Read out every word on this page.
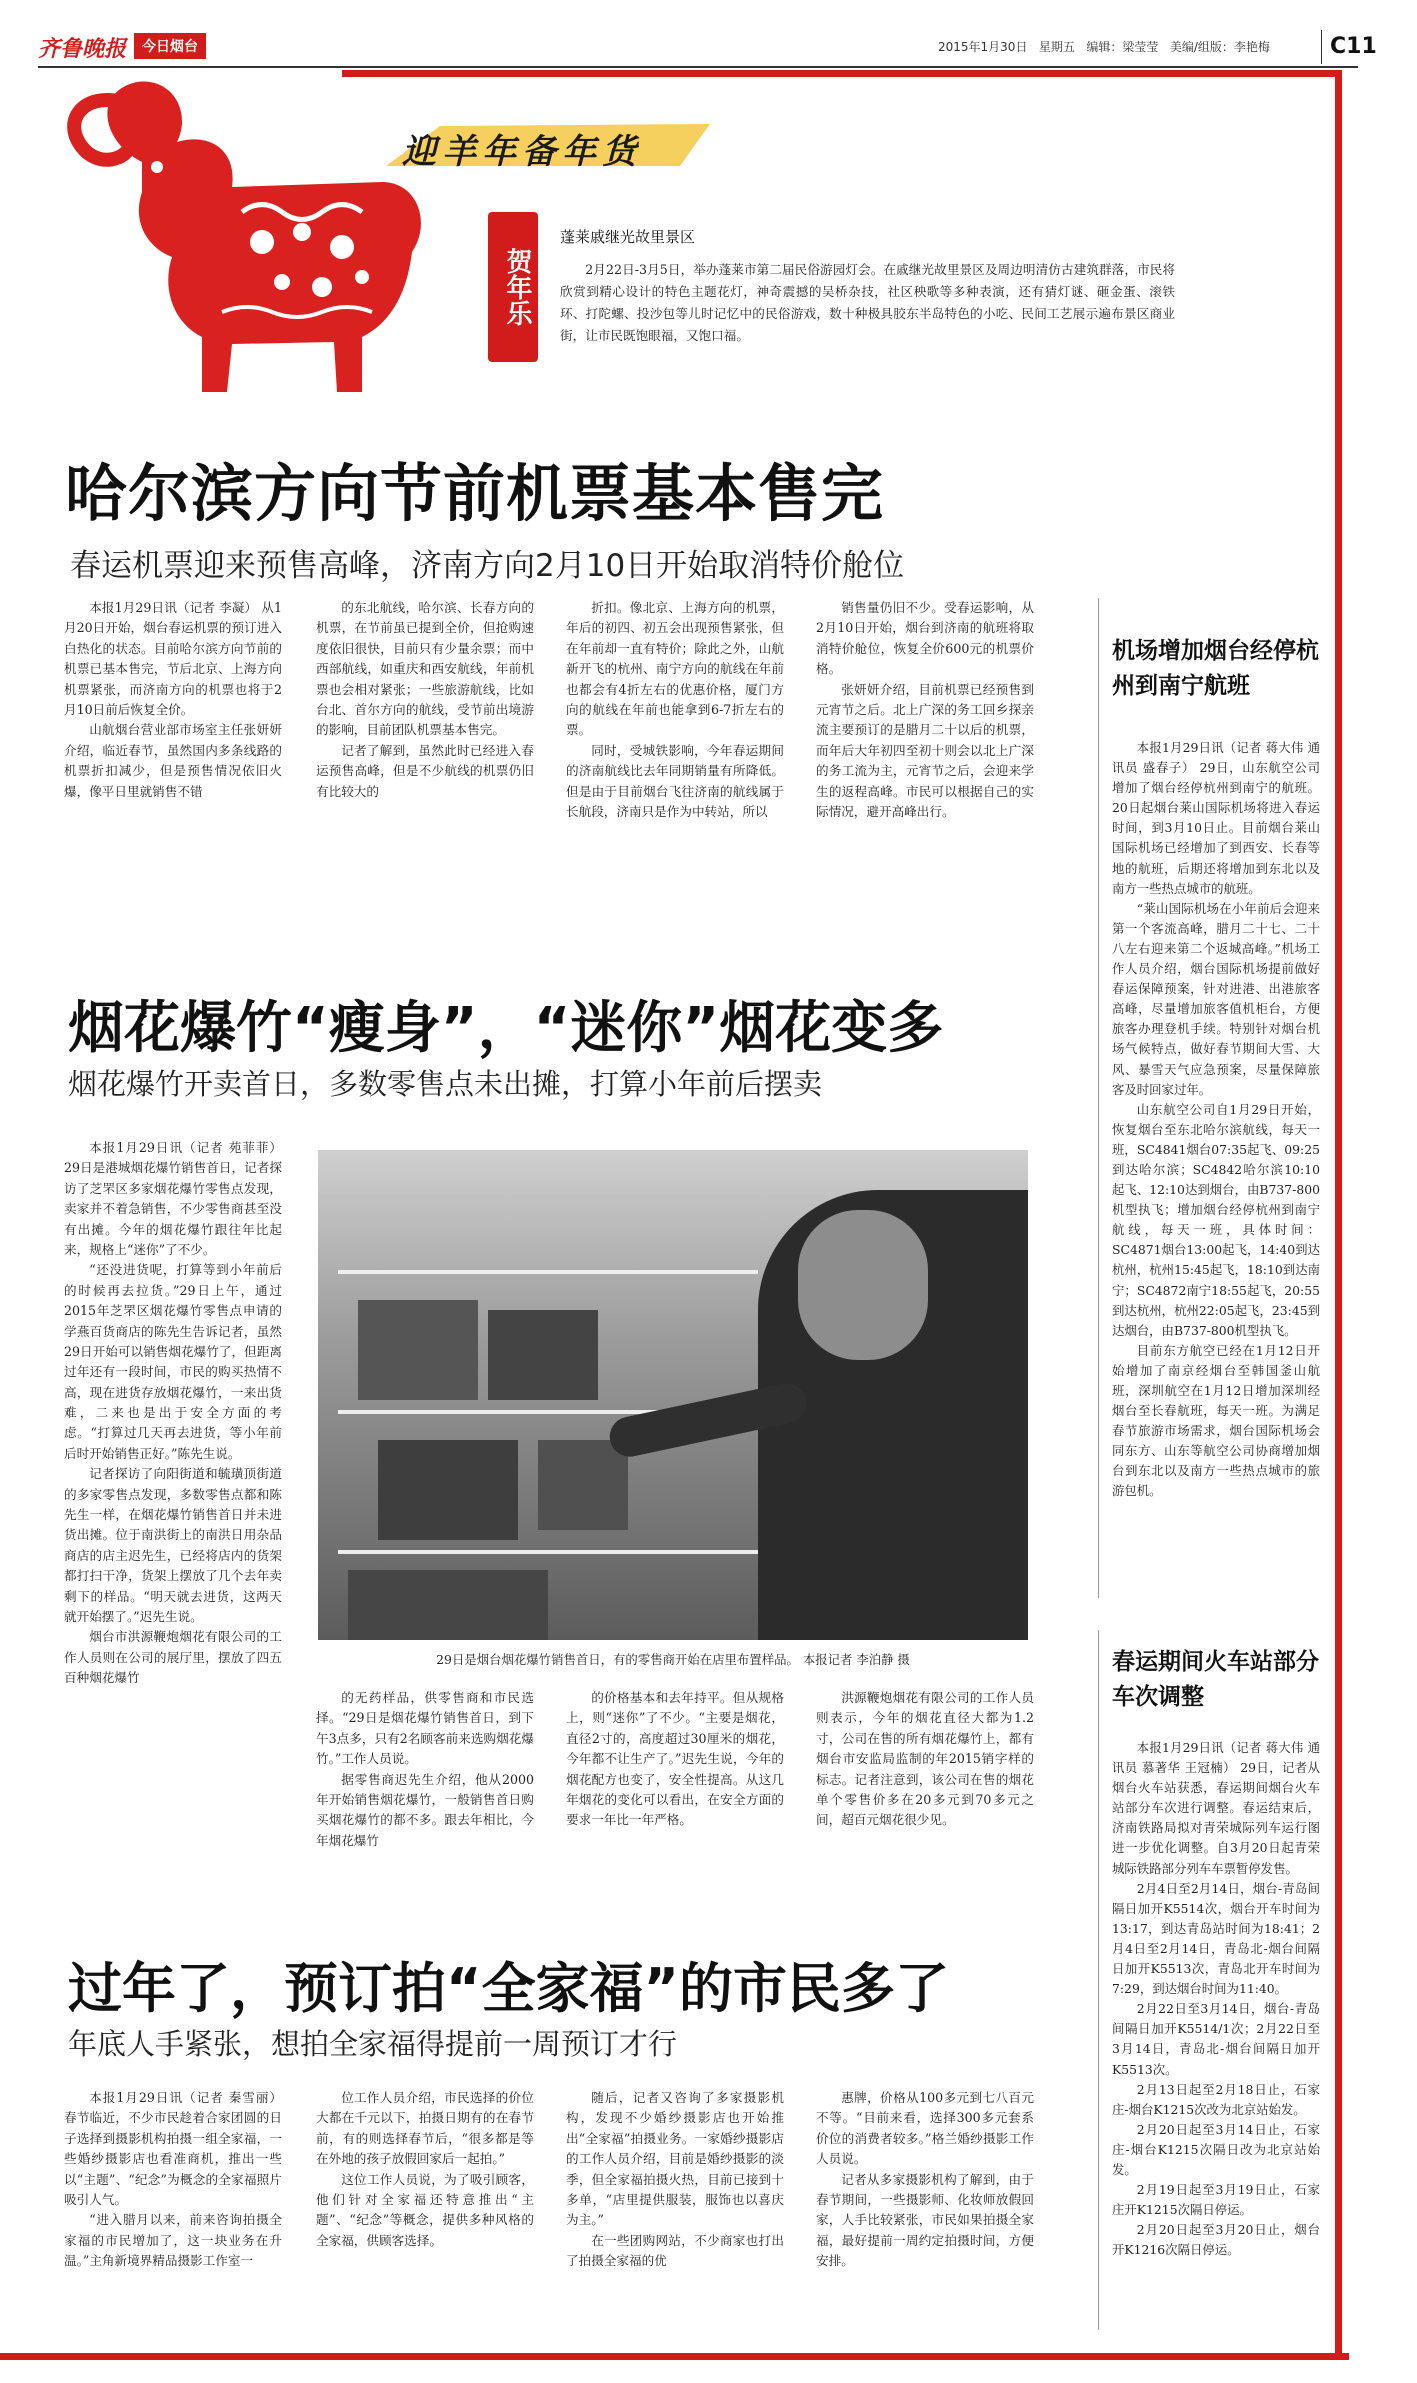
齐鲁晚报	今日烟台	2015年1月30日 星期五 编辑：梁莹莹 美编/组版：李艳梅	C11
迎羊年备年货
贺年乐
蓬莱戚继光故里景区

2月22日-3月5日，举办蓬莱市第二届民俗游园灯会。在戚继光故里景区及周边明清仿古建筑群落，市民将欣赏到精心设计的特色主题花灯，神奇震撼的吴桥杂技，社区秧歌等多种表演，还有猜灯谜、砸金蛋、滚铁环、打陀螺、投沙包等儿时记忆中的民俗游戏，数十种极具胶东半岛特色的小吃、民间工艺展示遍布景区商业街，让市民既饱眼福，又饱口福。

哈尔滨方向节前机票基本售完
春运机票迎来预售高峰，济南方向2月10日开始取消特价舱位

本报1月29日讯（记者 李凝） 从1月20日开始，烟台春运机票的预订进入白热化的状态。目前哈尔滨方向节前的机票已基本售完，节后北京、上海方向机票紧张，而济南方向的机票也将于2月10日前后恢复全价。

山航烟台营业部市场室主任张妍妍介绍，临近春节，虽然国内多条线路的机票折扣减少，但是预售情况依旧火爆，像平日里就销售不错

的东北航线，哈尔滨、长春方向的机票，在节前虽已提到全价，但抢购速度依旧很快，目前只有少量余票；而中西部航线，如重庆和西安航线，年前机票也会相对紧张；一些旅游航线，比如台北、首尔方向的航线，受节前出境游的影响，目前团队机票基本售完。

记者了解到，虽然此时已经进入春运预售高峰，但是不少航线的机票仍旧有比较大的

折扣。像北京、上海方向的机票，年后的初四、初五会出现预售紧张，但在年前却一直有特价；除此之外，山航新开飞的杭州、南宁方向的航线在年前也都会有4折左右的优惠价格，厦门方向的航线在年前也能拿到6-7折左右的票。

同时，受城铁影响，今年春运期间的济南航线比去年同期销量有所降低。但是由于目前烟台飞往济南的航线属于长航段，济南只是作为中转站，所以

销售量仍旧不少。受春运影响，从2月10日开始，烟台到济南的航班将取消特价舱位，恢复全价600元的机票价格。

张妍妍介绍，目前机票已经预售到元宵节之后。北上广深的务工回乡探亲流主要预订的是腊月二十以后的机票，而年后大年初四至初十则会以北上广深的务工流为主，元宵节之后，会迎来学生的返程高峰。市民可以根据自己的实际情况，避开高峰出行。

机场增加烟台经停杭州到南宁航班

本报1月29日讯（记者 蒋大伟 通讯员 盛春子） 29日，山东航空公司增加了烟台经停杭州到南宁的航班。20日起烟台莱山国际机场将进入春运时间，到3月10日止。目前烟台莱山国际机场已经增加了到西安、长春等地的航班，后期还将增加到东北以及南方一些热点城市的航班。

“莱山国际机场在小年前后会迎来第一个客流高峰，腊月二十七、二十八左右迎来第二个返城高峰。”机场工作人员介绍，烟台国际机场提前做好春运保障预案，针对进港、出港旅客高峰，尽量增加旅客值机柜台，方便旅客办理登机手续。特别针对烟台机场气候特点，做好春节期间大雪、大风、暴雪天气应急预案，尽量保障旅客及时回家过年。

山东航空公司自1月29日开始，恢复烟台至东北哈尔滨航线，每天一班，SC4841烟台07:35起飞、09:25到达哈尔滨；SC4842哈尔滨10:10起飞、12:10达到烟台，由B737-800机型执飞；增加烟台经停杭州到南宁航线，每天一班，具体时间：SC4871烟台13:00起飞，14:40到达杭州，杭州15:45起飞，18:10到达南宁；SC4872南宁18:55起飞，20:55到达杭州，杭州22:05起飞，23:45到达烟台，由B737-800机型执飞。

目前东方航空已经在1月12日开始增加了南京经烟台至韩国釜山航班，深圳航空在1月12日增加深圳经烟台至长春航班，每天一班。为满足春节旅游市场需求，烟台国际机场会同东方、山东等航空公司协商增加烟台到东北以及南方一些热点城市的旅游包机。

烟花爆竹“瘦身”，“迷你”烟花变多
烟花爆竹开卖首日，多数零售点未出摊，打算小年前后摆卖

本报1月29日讯（记者 苑菲菲） 29日是港城烟花爆竹销售首日，记者探访了芝罘区多家烟花爆竹零售点发现，卖家并不着急销售，不少零售商甚至没有出摊。今年的烟花爆竹跟往年比起来，规格上“迷你”了不少。

“还没进货呢，打算等到小年前后的时候再去拉货。”29日上午，通过2015年芝罘区烟花爆竹零售点申请的学燕百货商店的陈先生告诉记者，虽然29日开始可以销售烟花爆竹了，但距离过年还有一段时间，市民的购买热情不高，现在进货存放烟花爆竹，一来出货难，二来也是出于安全方面的考虑。“打算过几天再去进货，等小年前后时开始销售正好。”陈先生说。

记者探访了向阳街道和毓璜顶街道的多家零售点发现，多数零售点都和陈先生一样，在烟花爆竹销售首日并未进货出摊。位于南洪街上的南洪日用杂品商店的店主迟先生，已经将店内的货架都打扫干净，货架上摆放了几个去年卖剩下的样品。“明天就去进货，这两天就开始摆了。”迟先生说。

烟台市洪源鞭炮烟花有限公司的工作人员则在公司的展厅里，摆放了四五百种烟花爆竹

29日是烟台烟花爆竹销售首日，有的零售商开始在店里布置样品。 本报记者 李泊静 摄

的无药样品，供零售商和市民选择。“29日是烟花爆竹销售首日，到下午3点多，只有2名顾客前来选购烟花爆竹。”工作人员说。

据零售商迟先生介绍，他从2000年开始销售烟花爆竹，一般销售首日购买烟花爆竹的都不多。跟去年相比，今年烟花爆竹

的价格基本和去年持平。但从规格上，则“迷你”了不少。“主要是烟花，直径2寸的，高度超过30厘米的烟花，今年都不让生产了。”迟先生说，今年的烟花配方也变了，安全性提高。从这几年烟花的变化可以看出，在安全方面的要求一年比一年严格。

洪源鞭炮烟花有限公司的工作人员则表示，今年的烟花直径大都为1.2寸，公司在售的所有烟花爆竹上，都有烟台市安监局监制的年2015销字样的标志。记者注意到，该公司在售的烟花单个零售价多在20多元到70多元之间，超百元烟花很少见。

春运期间火车站部分车次调整

本报1月29日讯（记者 蒋大伟 通讯员 慕著华 王冠楠） 29日，记者从烟台火车站获悉，春运期间烟台火车站部分车次进行调整。春运结束后，济南铁路局拟对青荣城际列车运行图进一步优化调整。自3月20日起青荣城际铁路部分列车车票暂停发售。

2月4日至2月14日，烟台-青岛间隔日加开K5514次，烟台开车时间为13:17，到达青岛站时间为18:41；2月4日至2月14日，青岛北-烟台间隔日加开K5513次，青岛北开车时间为7:29，到达烟台时间为11:40。

2月22日至3月14日，烟台-青岛间隔日加开K5514/1次；2月22日至3月14日，青岛北-烟台间隔日加开K5513次。

2月13日起至2月18日止，石家庄-烟台K1215次改为北京站始发。

2月20日起至3月14日止，石家庄-烟台K1215次隔日改为北京站始发。

2月19日起至3月19日止，石家庄开K1215次隔日停运。

2月20日起至3月20日止，烟台开K1216次隔日停运。

过年了，预订拍“全家福”的市民多了
年底人手紧张，想拍全家福得提前一周预订才行

本报1月29日讯（记者 秦雪丽） 春节临近，不少市民趁着合家团圆的日子选择到摄影机构拍摄一组全家福，一些婚纱摄影店也看准商机，推出一些以“主题”、“纪念”为概念的全家福照片吸引人气。

“进入腊月以来，前来咨询拍摄全家福的市民增加了，这一块业务在升温。”主角新境界精品摄影工作室一

位工作人员介绍，市民选择的价位大都在千元以下，拍摄日期有的在春节前，有的则选择春节后，“很多都是等在外地的孩子放假回家后一起拍。”

这位工作人员说，为了吸引顾客，他们针对全家福还特意推出“主题”、“纪念”等概念，提供多种风格的全家福，供顾客选择。

随后，记者又咨询了多家摄影机构，发现不少婚纱摄影店也开始推出“全家福”拍摄业务。一家婚纱摄影店的工作人员介绍，目前是婚纱摄影的淡季，但全家福拍摄火热，目前已接到十多单，“店里提供服装，服饰也以喜庆为主。”

在一些团购网站，不少商家也打出了拍摄全家福的优

惠牌，价格从100多元到七八百元不等。“目前来看，选择300多元套系价位的消费者较多。”格兰婚纱摄影工作人员说。

记者从多家摄影机构了解到，由于春节期间，一些摄影师、化妆师放假回家，人手比较紧张，市民如果拍摄全家福，最好提前一周约定拍摄时间，方便安排。
